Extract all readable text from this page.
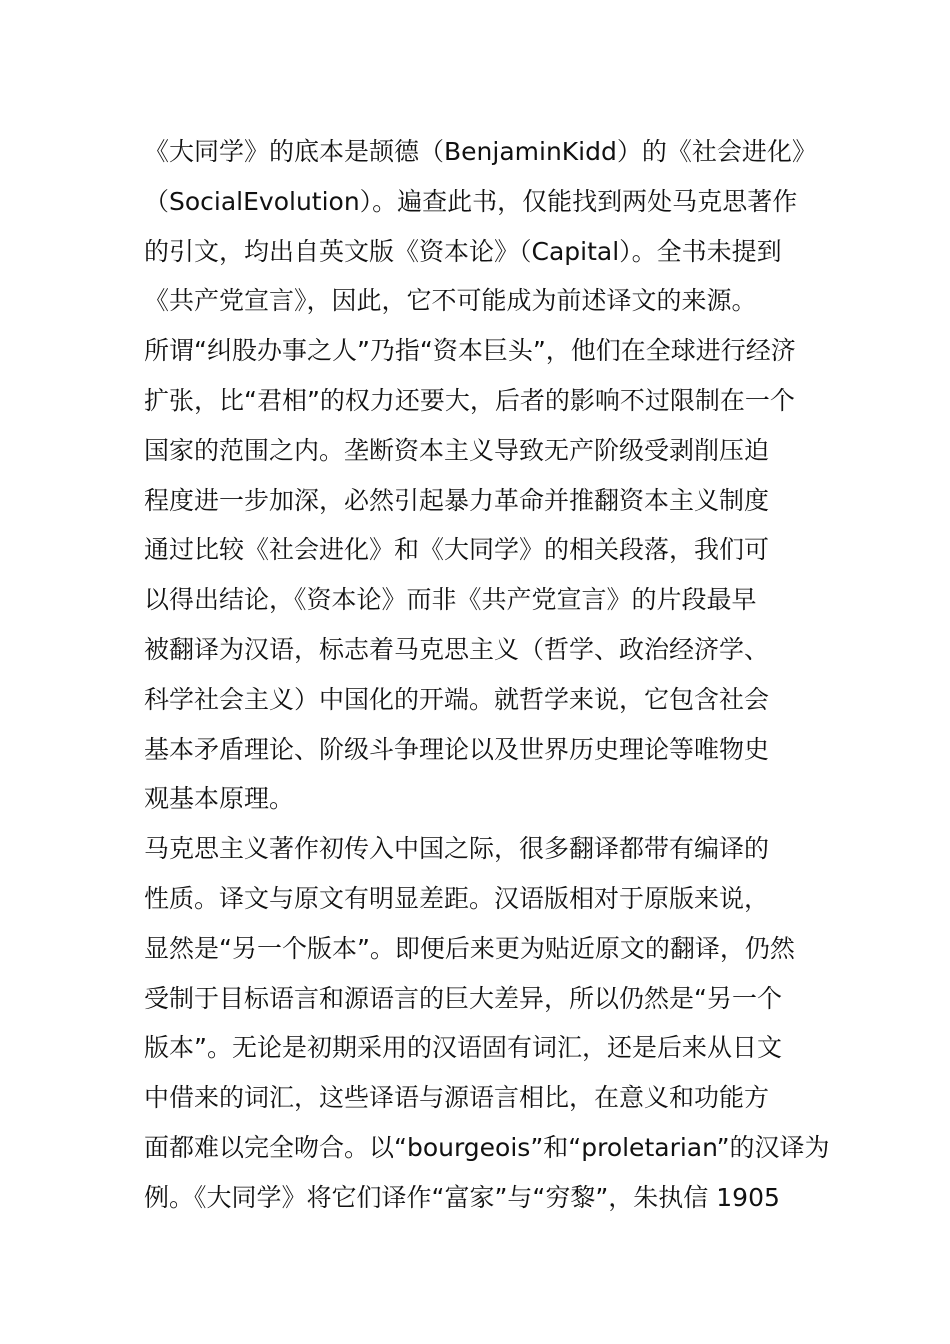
《大同学》的底本是颉德（BenjaminKidd）的《社会进化》
（SocialEvolution）。遍查此书，仅能找到两处马克思著作
的引文，均出自英文版《资本论》（Capital）。全书未提到
《共产党宣言》，因此，它不可能成为前述译文的来源。
所谓“纠股办事之人”乃指“资本巨头”，他们在全球进行经济
扩张，比“君相”的权力还要大，后者的影响不过限制在一个
国家的范围之内。垄断资本主义导致无产阶级受剥削压迫
程度进一步加深，必然引起暴力革命并推翻资本主义制度
通过比较《社会进化》和《大同学》的相关段落，我们可
以得出结论，《资本论》而非《共产党宣言》的片段最早
被翻译为汉语，标志着马克思主义（哲学、政治经济学、
科学社会主义）中国化的开端。就哲学来说，它包含社会
基本矛盾理论、阶级斗争理论以及世界历史理论等唯物史
观基本原理。
马克思主义著作初传入中国之际，很多翻译都带有编译的
性质。译文与原文有明显差距。汉语版相对于原版来说，
显然是“另一个版本”。即便后来更为贴近原文的翻译，仍然
受制于目标语言和源语言的巨大差异，所以仍然是“另一个
版本”。无论是初期采用的汉语固有词汇，还是后来从日文
中借来的词汇，这些译语与源语言相比，在意义和功能方
面都难以完全吻合。以“bourgeois”和“proletarian”的汉译为
例。《大同学》将它们译作“富家”与“穷黎”，朱执信 1905
